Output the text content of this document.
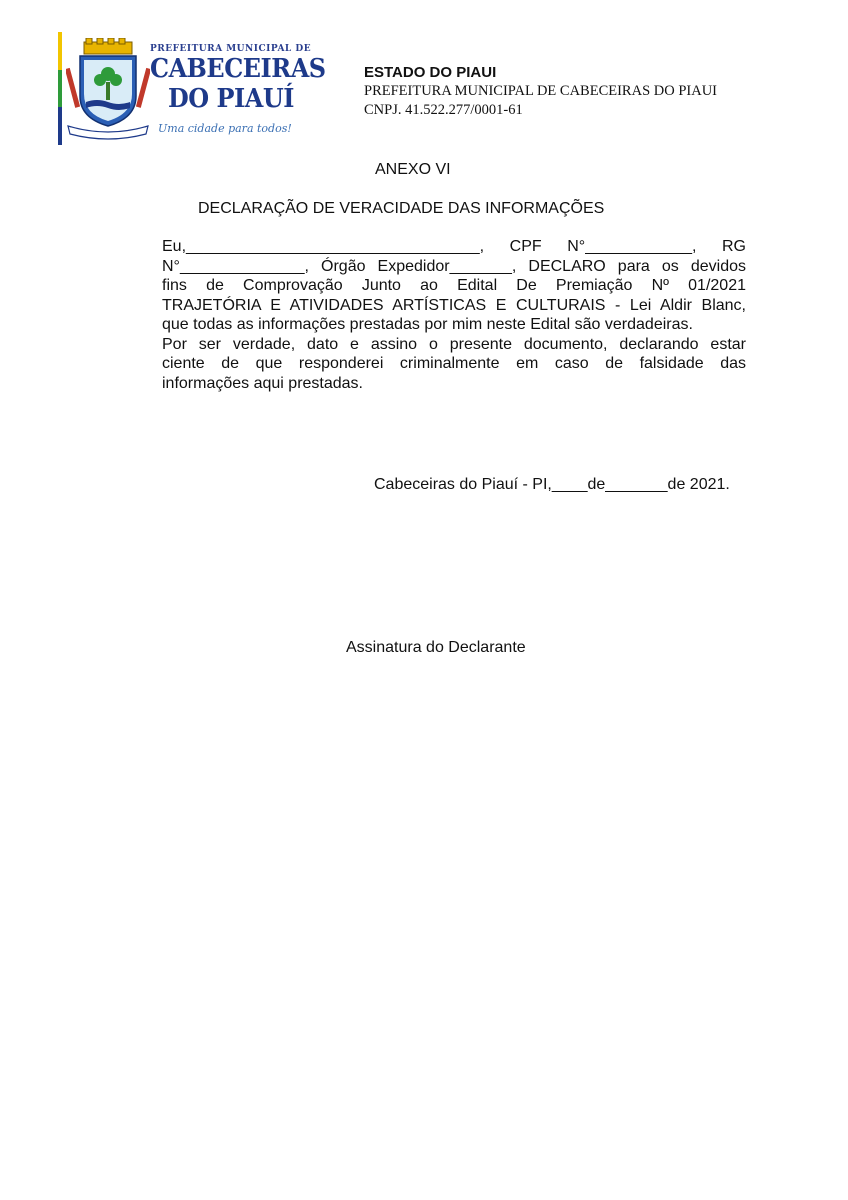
PREFEITURA MUNICIPAL DE
CABECEIRAS
DO PIAUÍ
Uma cidade para todos!
ESTADO DO PIAUI
PREFEITURA MUNICIPAL DE CABECEIRAS DO PIAUI
CNPJ. 41.522.277/0001-61
ANEXO VI
DECLARAÇÃO DE VERACIDADE DAS INFORMAÇÕES

Eu,_________________________________, CPF N°____________, RG

N°______________, Órgão Expedidor_______, DECLARO para os devidos

fins de Comprovação Junto ao Edital De Premiação Nº 01/2021

TRAJETÓRIA E ATIVIDADES ARTÍSTICAS E CULTURAIS - Lei Aldir Blanc,

que todas as informações prestadas por mim neste Edital são verdadeiras.

Por ser verdade, dato e assino o presente documento, declarando estar

ciente de que responderei criminalmente em caso de falsidade das

informações aqui prestadas.

Cabeceiras do Piauí - PI,____de_______de 2021.
Assinatura do Declarante
